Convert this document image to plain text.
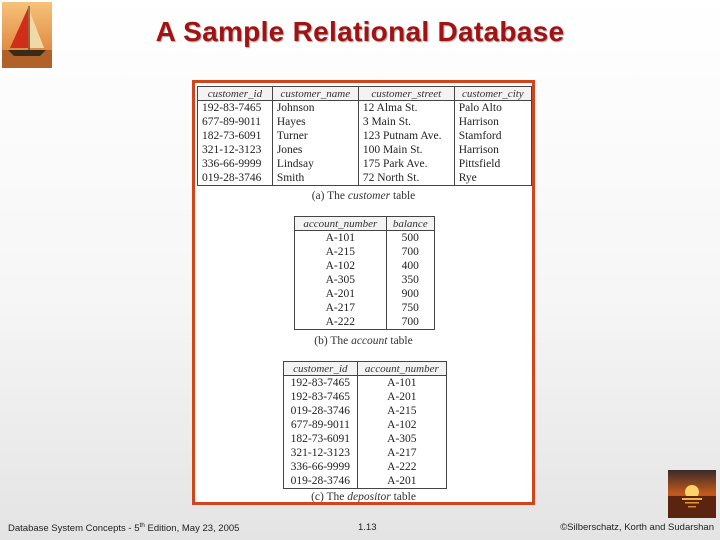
A Sample Relational Database
customer_id	customer_name	customer_street	customer_city
192-83-7465	Johnson	12 Alma St.	Palo Alto
677-89-9011	Hayes	3 Main St.	Harrison
182-73-6091	Turner	123 Putnam Ave.	Stamford
321-12-3123	Jones	100 Main St.	Harrison
336-66-9999	Lindsay	175 Park Ave.	Pittsfield
019-28-3746	Smith	72 North St.	Rye
(a) The customer table
account_number	balance
A-101	500
A-215	700
A-102	400
A-305	350
A-201	900
A-217	750
A-222	700
(b) The account table
customer_id	account_number
192-83-7465	A-101
192-83-7465	A-201
019-28-3746	A-215
677-89-9011	A-102
182-73-6091	A-305
321-12-3123	A-217
336-66-9999	A-222
019-28-3746	A-201
(c) The depositor table
Database System Concepts - 5th Edition, May 23, 2005	1.13	©Silberschatz, Korth and Sudarshan
